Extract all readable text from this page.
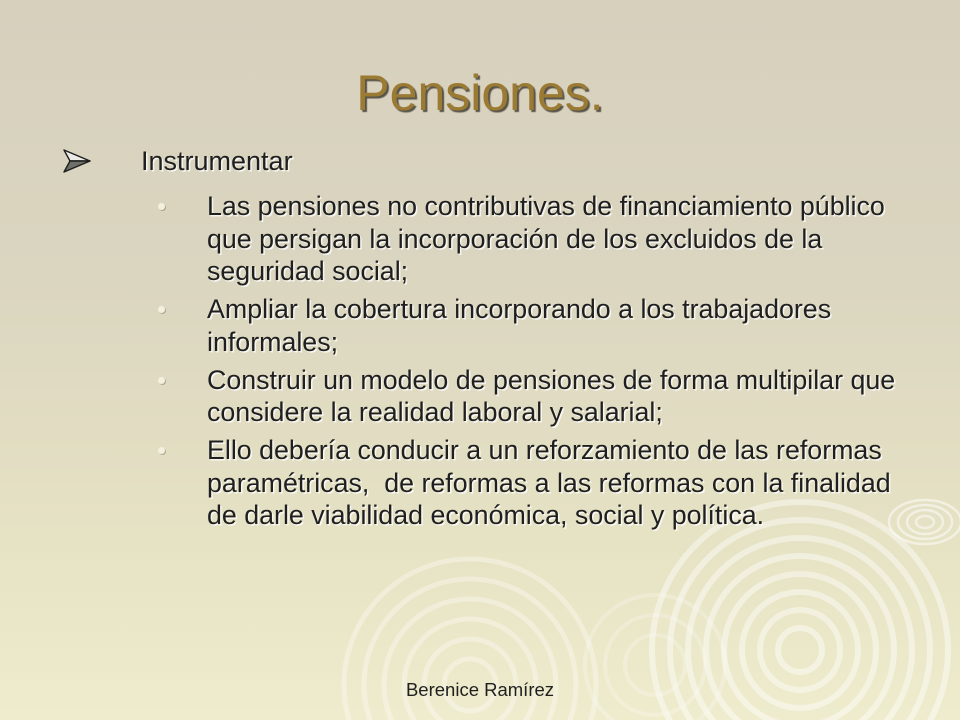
Pensiones.
Instrumentar
Las pensiones no contributivas de financiamiento público
que persigan la incorporación de los excluidos de la
seguridad social;
Ampliar la cobertura incorporando a los trabajadores
informales;
Construir un modelo de pensiones de forma multipilar que
considere la realidad laboral y salarial;
Ello debería conducir a un reforzamiento de las reformas
paramétricas,  de reformas a las reformas con la finalidad
de darle viabilidad económica, social y política.
Berenice Ramírez
